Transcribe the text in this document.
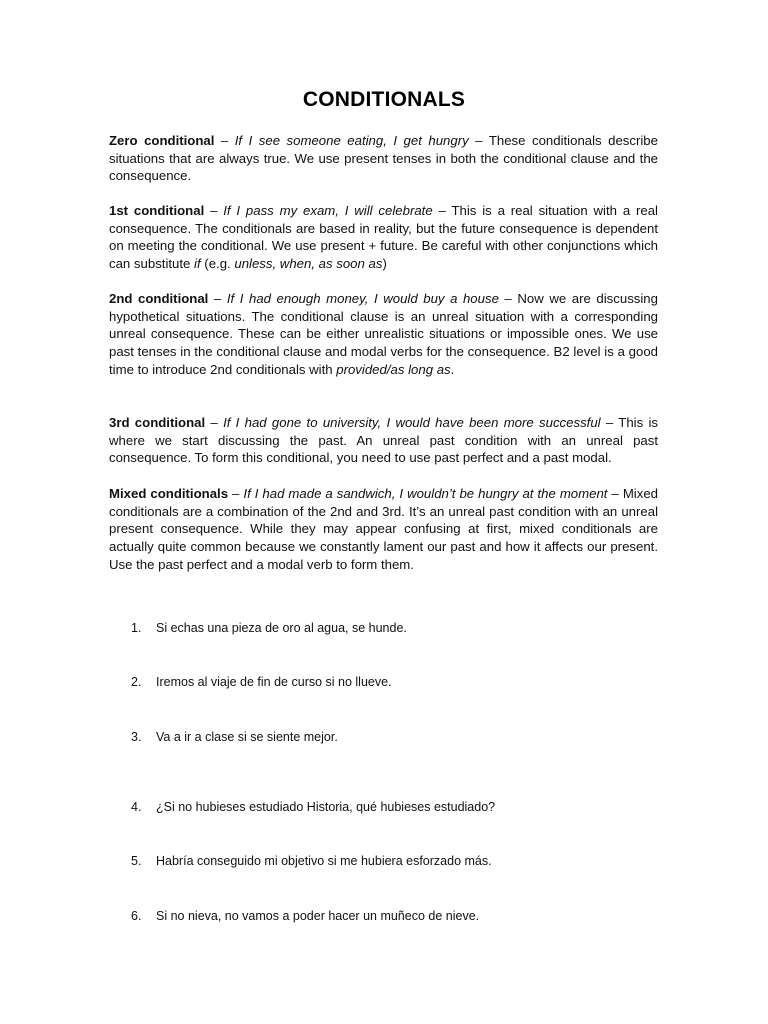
CONDITIONALS

Zero conditional – If I see someone eating, I get hungry – These conditionals describe situations that are always true. We use present tenses in both the conditional clause and the consequence.

1st conditional – If I pass my exam, I will celebrate – This is a real situation with a real consequence. The conditionals are based in reality, but the future consequence is dependent on meeting the conditional. We use present + future. Be careful with other conjunctions which can substitute if (e.g. unless, when, as soon as)

2nd conditional – If I had enough money, I would buy a house – Now we are discussing hypothetical situations. The conditional clause is an unreal situation with a corresponding unreal consequence. These can be either unrealistic situations or impossible ones. We use past tenses in the conditional clause and modal verbs for the consequence. B2 level is a good time to introduce 2nd conditionals with provided/as long as.

3rd conditional – If I had gone to university, I would have been more successful – This is where we start discussing the past. An unreal past condition with an unreal past consequence. To form this conditional, you need to use past perfect and a past modal.

Mixed conditionals – If I had made a sandwich, I wouldn’t be hungry at the moment – Mixed conditionals are a combination of the 2nd and 3rd. It’s an unreal past condition with an unreal present consequence. While they may appear confusing at first, mixed conditionals are actually quite common because we constantly lament our past and how it affects our present. Use the past perfect and a modal verb to form them.

1.	Si echas una pieza de oro al agua, se hunde.
2.	Iremos al viaje de fin de curso si no llueve.
3.	Va a ir a clase si se siente mejor.
4.	¿Si no hubieses estudiado Historia, qué hubieses estudiado?
5.	Habría conseguido mi objetivo si me hubiera esforzado más.
6.	Si no nieva, no vamos a poder hacer un muñeco de nieve.
